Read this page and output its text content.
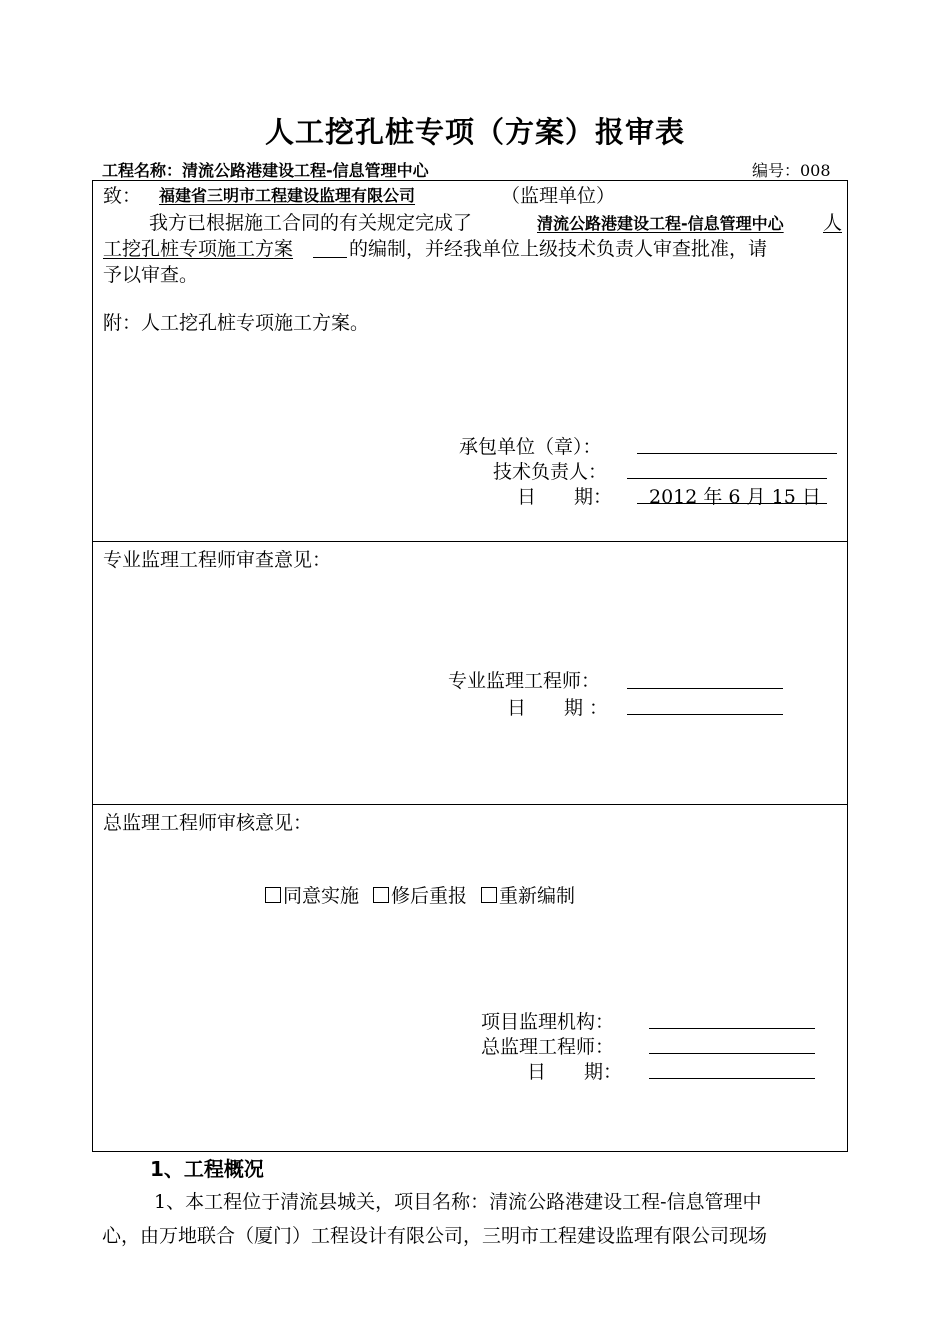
人工挖孔桩专项（方案）报审表
工程名称：清流公路港建设工程-信息管理中心	编号：008
致： 福建省三明市工程建设监理有限公司	（监理单位）
我方已根据施工合同的有关规定完成了	清流公路港建设工程-信息管理中心 人
工挖孔桩专项施工方案	的编制，并经我单位上级技术负责人审查批准，请
予以审查。
附：人工挖孔桩专项施工方案。
承包单位（章）：
技术负责人：
日　　期： 2012 年 6 月 15 日
专业监理工程师审查意见：
专业监理工程师：
日　　期 ：
总监理工程师审核意见：
同意实施 修后重报 重新编制
项目监理机构：
总监理工程师：
日　　期：
1、工程概况
1、本工程位于清流县城关，项目名称：清流公路港建设工程-信息管理中
心，由万地联合（厦门）工程设计有限公司，三明市工程建设监理有限公司现场
